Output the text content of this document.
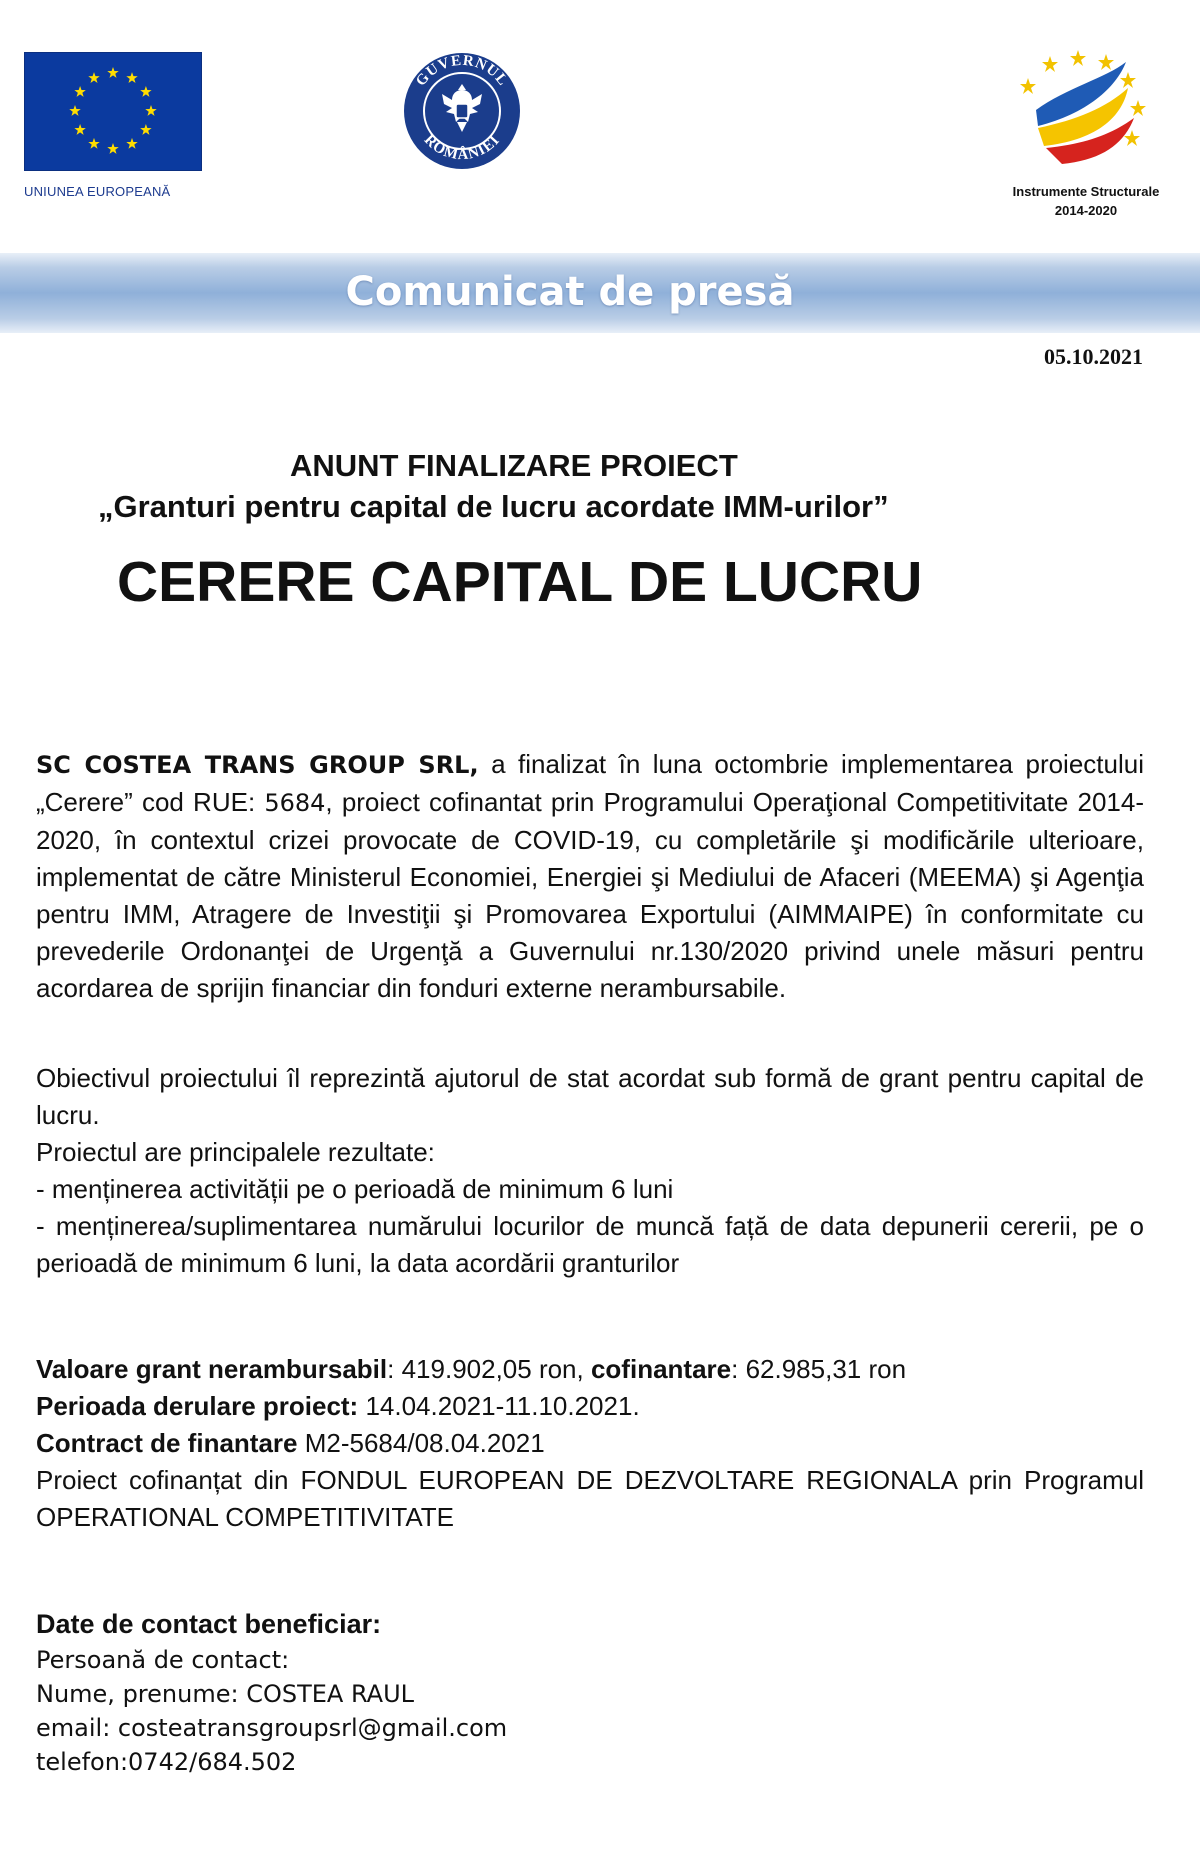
UNIUNEA EUROPEANĂ
GUVERNUL
ROMÂNIEI
Instrumente Structurale
2014-2020
Comunicat de presă
05.10.2021
ANUNT FINALIZARE PROIECT
„Granturi pentru capital de lucru acordate IMM-urilor”
CERERE CAPITAL DE LUCRU
SC COSTEA TRANS GROUP SRL, a finalizat în luna octombrie implementarea proiectului „Cerere” cod RUE: 5684, proiect cofinantat prin Programului Operaţional Competitivitate 2014-2020, în contextul crizei provocate de COVID-19, cu completările şi modificările ulterioare, implementat de către Ministerul Economiei, Energiei şi Mediului de Afaceri (MEEMA) şi Agenţia pentru IMM, Atragere de Investiţii şi Promovarea Exportului (AIMMAIPE) în conformitate cu prevederile Ordonanţei de Urgenţă a Guvernului nr.130/2020 privind unele măsuri pentru acordarea de sprijin financiar din fonduri externe nerambursabile.
Obiectivul proiectului îl reprezintă ajutorul de stat acordat sub formă de grant pentru capital de lucru.
Proiectul are principalele rezultate:
- menținerea activității pe o perioadă de minimum 6 luni
- menținerea/suplimentarea numărului locurilor de muncă față de data depunerii cererii, pe o perioadă de minimum 6 luni, la data acordării granturilor
Valoare grant nerambursabil: 419.902,05 ron, cofinantare: 62.985,31 ron
Perioada derulare proiect: 14.04.2021-11.10.2021.
Contract de finantare M2-5684/08.04.2021
Proiect cofinanțat din FONDUL EUROPEAN DE DEZVOLTARE REGIONALA prin Programul OPERATIONAL COMPETITIVITATE
Date de contact beneficiar:
Persoană de contact:
Nume, prenume: COSTEA RAUL
email: costeatransgroupsrl@gmail.com
telefon:0742/684.502
